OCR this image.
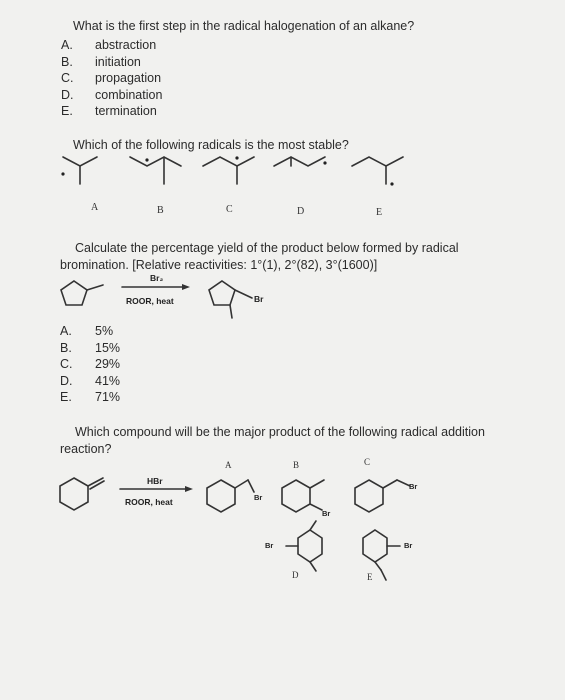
What is the first step in the radical halogenation of an alkane?
A. abstraction
B. initiation
C. propagation
D. combination
E. termination
Which of the following radicals is the most stable?
A	B	C	D	E
Calculate the percentage yield of the product below formed by radical
bromination. [Relative reactivities: 1°(1), 2°(82), 3°(1600)]
Br₂
ROOR, heat	Br
A. 5%
B. 15%
C. 29%
D. 41%
E. 71%
Which compound will be the major product of the following radical addition
reaction?
HBr
ROOR, heat
A	B	C
D	E
Br
Br
Br
Br	Br
